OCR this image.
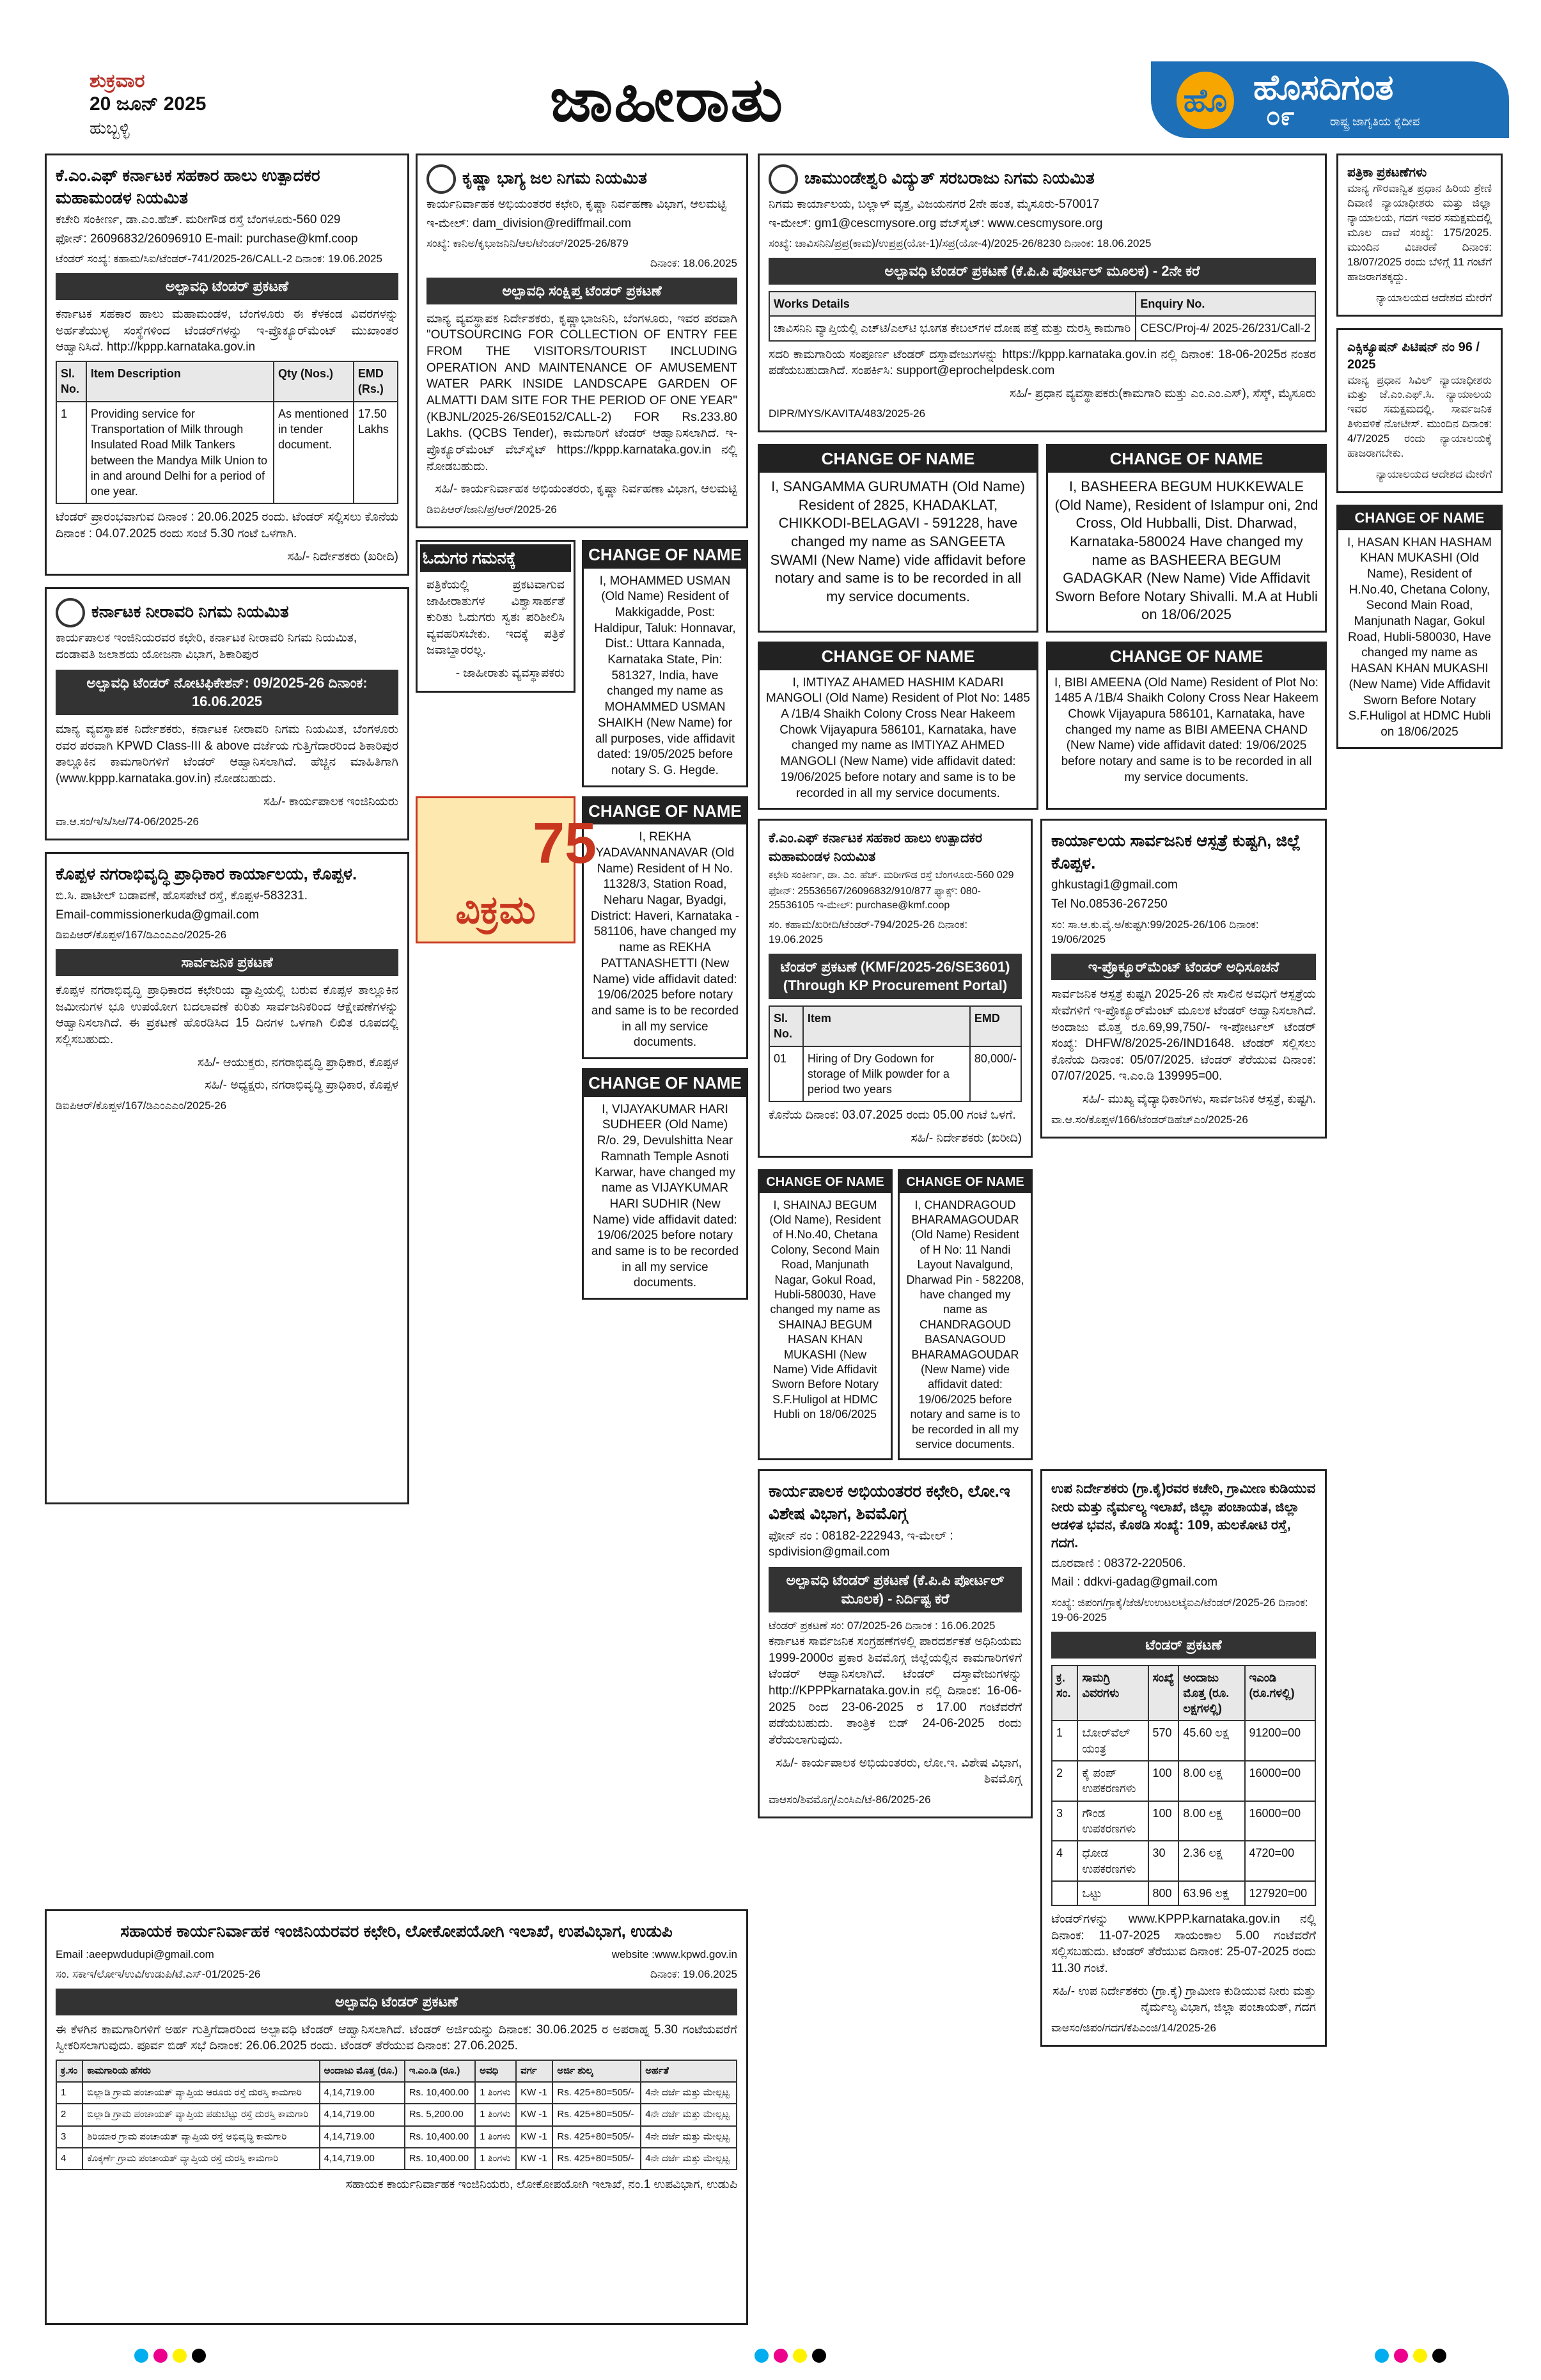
ಶುಕ್ರವಾರ
20 ಜೂನ್ 2025
ಹುಬ್ಬಳ್ಳಿ	ಜಾಹೀರಾತು	ಹೊ ಹೊಸದಿಗಂತ
೦೯	ರಾಷ್ಟ್ರ ಜಾಗೃತಿಯ ಕೈದೀಪ
ಕೆ.ಎಂ.ಎಫ್ ಕರ್ನಾಟಕ ಸಹಕಾರ ಹಾಲು ಉತ್ಪಾದಕರ ಮಹಾಮಂಡಳ ನಿಯಮಿತ
ಕಚೇರಿ ಸಂಕೀರ್ಣ, ಡಾ.ಎಂ.ಹೆಚ್. ಮರೀಗೌಡ ರಸ್ತೆ ಬೆಂಗಳೂರು-560 029
ಫೋನ್: 26096832/26096910 E-mail: purchase@kmf.coop
ಟೆಂಡರ್ ಸಂಖ್ಯೆ: ಕಹಾಮ/ಸಿಐ/ಟೆಂಡರ್-741/2025-26/CALL-2 ದಿನಾಂಕ: 19.06.2025
ಅಲ್ಪಾವಧಿ ಟೆಂಡರ್ ಪ್ರಕಟಣೆ
ಕರ್ನಾಟಕ ಸಹಕಾರ ಹಾಲು ಮಹಾಮಂಡಳ, ಬೆಂಗಳೂರು ಈ ಕೆಳಕಂಡ ವಿವರಗಳನ್ನು ಅರ್ಹತೆಯುಳ್ಳ ಸಂಸ್ಥೆಗಳಿಂದ ಟೆಂಡರ್‌ಗಳನ್ನು ಇ-ಪ್ರೊಕ್ಯೂರ್‌ಮೆಂಟ್ ಮುಖಾಂತರ ಆಹ್ವಾನಿಸಿದೆ. http://kppp.karnataka.gov.in
Sl. No.	Item Description	Qty (Nos.)	EMD (Rs.)
1	Providing service for Transportation of Milk through Insulated Road Milk Tankers between the Mandya Milk Union to in and around Delhi for a period of one year.	As mentioned in tender document.	17.50 Lakhs
ಟೆಂಡರ್ ಪ್ರಾರಂಭವಾಗುವ ದಿನಾಂಕ : 20.06.2025 ರಂದು. ಟೆಂಡರ್ ಸಲ್ಲಿಸಲು ಕೊನೆಯ ದಿನಾಂಕ : 04.07.2025 ರಂದು ಸಂಜೆ 5.30 ಗಂಟೆ ಒಳಗಾಗಿ.
ಸಹಿ/- ನಿರ್ದೇಶಕರು (ಖರೀದಿ)
ಕರ್ನಾಟಕ ನೀರಾವರಿ ನಿಗಮ ನಿಯಮಿತ
ಕಾರ್ಯಪಾಲಕ ಇಂಜಿನಿಯರವರ ಕಛೇರಿ, ಕರ್ನಾಟಕ ನೀರಾವರಿ ನಿಗಮ ನಿಯಮಿತ, ದಂಡಾವತಿ ಜಲಾಶಯ ಯೋಜನಾ ವಿಭಾಗ, ಶಿಕಾರಿಪುರ
ಅಲ್ಪಾವಧಿ ಟೆಂಡರ್ ನೋಟಿಫಿಕೇಶನ್: 09/2025-26 ದಿನಾಂಕ: 16.06.2025
ಮಾನ್ಯ ವ್ಯವಸ್ಥಾಪಕ ನಿರ್ದೇಶಕರು, ಕರ್ನಾಟಕ ನೀರಾವರಿ ನಿಗಮ ನಿಯಮಿತ, ಬೆಂಗಳೂರು ರವರ ಪರವಾಗಿ KPWD Class-III & above ದರ್ಜೆಯ ಗುತ್ತಿಗೆದಾರರಿಂದ ಶಿಕಾರಿಪುರ ತಾಲ್ಲೂಕಿನ ಕಾಮಗಾರಿಗಳಿಗೆ ಟೆಂಡರ್ ಆಹ್ವಾನಿಸಲಾಗಿದೆ. ಹೆಚ್ಚಿನ ಮಾಹಿತಿಗಾಗಿ (www.kppp.karnataka.gov.in) ನೋಡಬಹುದು.
ಸಹಿ/- ಕಾರ್ಯಪಾಲಕ ಇಂಜಿನಿಯರು
ವಾ.ಆ.ಸಂ/ಇ/ಸಿ/ಸಿಆ/74-06/2025-26
ಕೊಪ್ಪಳ ನಗರಾಭಿವೃದ್ಧಿ ಪ್ರಾಧಿಕಾರ ಕಾರ್ಯಾಲಯ, ಕೊಪ್ಪಳ.
ಬಿ.ಸಿ. ಪಾಟೀಲ್ ಬಡಾವಣೆ, ಹೊಸಪೇಟೆ ರಸ್ತೆ, ಕೊಪ್ಪಳ-583231.
Email-commissionerkuda@gmail.com
ಡಿಐಪಿಆರ್/ಕೊಪ್ಪಳ/167/ಡಿಎಂಎಎಂ/2025-26
ಸಾರ್ವಜನಿಕ ಪ್ರಕಟಣೆ
ಕೊಪ್ಪಳ ನಗರಾಭಿವೃದ್ಧಿ ಪ್ರಾಧಿಕಾರದ ಕಛೇರಿಯ ವ್ಯಾಪ್ತಿಯಲ್ಲಿ ಬರುವ ಕೊಪ್ಪಳ ತಾಲ್ಲೂಕಿನ ಜಮೀನುಗಳ ಭೂ ಉಪಯೋಗ ಬದಲಾವಣೆ ಕುರಿತು ಸಾರ್ವಜನಿಕರಿಂದ ಆಕ್ಷೇಪಣೆಗಳನ್ನು ಆಹ್ವಾನಿಸಲಾಗಿದೆ. ಈ ಪ್ರಕಟಣೆ ಹೊರಡಿಸಿದ 15 ದಿನಗಳ ಒಳಗಾಗಿ ಲಿಖಿತ ರೂಪದಲ್ಲಿ ಸಲ್ಲಿಸಬಹುದು.
ಸಹಿ/- ಆಯುಕ್ತರು, ನಗರಾಭಿವೃದ್ಧಿ ಪ್ರಾಧಿಕಾರ, ಕೊಪ್ಪಳ
ಸಹಿ/- ಅಧ್ಯಕ್ಷರು, ನಗರಾಭಿವೃದ್ಧಿ ಪ್ರಾಧಿಕಾರ, ಕೊಪ್ಪಳ
ಡಿಐಪಿಆರ್/ಕೊಪ್ಪಳ/167/ಡಿಎಂಎಎಂ/2025-26
ಕೃಷ್ಣಾ ಭಾಗ್ಯ ಜಲ ನಿಗಮ ನಿಯಮಿತ
ಕಾರ್ಯನಿರ್ವಾಹಕ ಅಭಿಯಂತರರ ಕಛೇರಿ, ಕೃಷ್ಣಾ ನಿರ್ವಹಣಾ ವಿಭಾಗ, ಆಲಮಟ್ಟಿ
ಇ-ಮೇಲ್: dam_division@rediffmail.com
ಸಂಖ್ಯೆ: ಕಾನಿಅ/ಕೃಭಾಜನಿನಿ/ಆಲ/ಟೆಂಡರ್/2025-26/879
ದಿನಾಂಕ: 18.06.2025
ಅಲ್ಪಾವಧಿ ಸಂಕ್ಷಿಪ್ತ ಟೆಂಡರ್ ಪ್ರಕಟಣೆ
ಮಾನ್ಯ ವ್ಯವಸ್ಥಾಪಕ ನಿರ್ದೇಶಕರು, ಕೃಷ್ಣಾಭಾಜನಿನಿ, ಬೆಂಗಳೂರು, ಇವರ ಪರವಾಗಿ "OUTSOURCING FOR COLLECTION OF ENTRY FEE FROM THE VISITORS/TOURIST INCLUDING OPERATION AND MAINTENANCE OF AMUSEMENT WATER PARK INSIDE LANDSCAPE GARDEN OF ALMATTI DAM SITE FOR THE PERIOD OF ONE YEAR" (KBJNL/2025-26/SE0152/CALL-2) FOR Rs.233.80 Lakhs. (QCBS Tender), ಕಾಮಗಾರಿಗೆ ಟೆಂಡರ್ ಆಹ್ವಾನಿಸಲಾಗಿದೆ. ಇ-ಪ್ರೊಕ್ಯೂರ್‌ಮೆಂಟ್ ವೆಬ್‌ಸೈಟ್ https://kppp.karnataka.gov.in ನಲ್ಲಿ ನೋಡಬಹುದು.
ಸಹಿ/- ಕಾರ್ಯನಿರ್ವಾಹಕ ಅಭಿಯಂತರರು, ಕೃಷ್ಣಾ ನಿರ್ವಹಣಾ ವಿಭಾಗ, ಆಲಮಟ್ಟಿ
ಡಿಐಪಿಆರ್/ಜಾನಿ/ಪ್ರ/ಆರ್/2025-26
ಓದುಗರ ಗಮನಕ್ಕೆ
ಪತ್ರಿಕೆಯಲ್ಲಿ ಪ್ರಕಟವಾಗುವ ಜಾಹೀರಾತುಗಳ ವಿಶ್ವಾಸಾರ್ಹತೆ ಕುರಿತು ಓದುಗರು ಸ್ವತಃ ಪರಿಶೀಲಿಸಿ ವ್ಯವಹರಿಸಬೇಕು. ಇದಕ್ಕೆ ಪತ್ರಿಕೆ ಜವಾಬ್ದಾರರಲ್ಲ.
- ಜಾಹೀರಾತು ವ್ಯವಸ್ಥಾಪಕರು
CHANGE OF NAME
I, MOHAMMED USMAN (Old Name) Resident of Makkigadde, Post: Haldipur, Taluk: Honnavar, Dist.: Uttara Kannada, Karnataka State, Pin: 581327, India, have changed my name as MOHAMMED USMAN SHAIKH (New Name) for all purposes, vide affidavit dated: 19/05/2025 before notary S. G. Hegde.
75
ವಿಕ್ರಮ
CHANGE OF NAME
I, REKHA YADAVANNANAVAR (Old Name) Resident of H No. 11328/3, Station Road, Neharu Nagar, Byadgi, District: Haveri, Karnataka - 581106, have changed my name as REKHA PATTANASHETTI (New Name) vide affidavit dated: 19/06/2025 before notary and same is to be recorded in all my service documents.
CHANGE OF NAME
I, VIJAYAKUMAR HARI SUDHEER (Old Name) R/o. 29, Devulshitta Near Ramnath Temple Asnoti Karwar, have changed my name as VIJAYKUMAR HARI SUDHIR (New Name) vide affidavit dated: 19/06/2025 before notary and same is to be recorded in all my service documents.
ಚಾಮುಂಡೇಶ್ವರಿ ವಿದ್ಯುತ್ ಸರಬರಾಜು ನಿಗಮ ನಿಯಮಿತ
ನಿಗಮ ಕಾರ್ಯಾಲಯ, ಬಲ್ಲಾಳ್‌ ವೃತ್ತ, ವಿಜಯನಗರ 2ನೇ ಹಂತ, ಮೈಸೂರು-570017
ಇ-ಮೇಲ್: gm1@cescmysore.org ವೆಬ್‌ಸೈಟ್: www.cescmysore.org
ಸಂಖ್ಯೆ: ಚಾವಿಸನಿನಿ/ಪ್ರಪ್ರ(ಕಾಮ)/ಉಪ್ರಪ್ರ(ಯೋ-1)/ಸಪ್ರ(ಯೋ-4)/2025-26/8230 ದಿನಾಂಕ: 18.06.2025
ಅಲ್ಪಾವಧಿ ಟೆಂಡರ್ ಪ್ರಕಟಣೆ (ಕೆ.ಪಿ.ಪಿ ಪೋರ್ಟಲ್ ಮೂಲಕ) - 2ನೇ ಕರೆ
Works Details	Enquiry No.
ಚಾವಿಸನಿನಿ ವ್ಯಾಪ್ತಿಯಲ್ಲಿ ಎಚ್‌ಟಿ/ಎಲ್‌ಟಿ ಭೂಗತ ಕೇಬಲ್‌ಗಳ ದೋಷ ಪತ್ತೆ ಮತ್ತು ದುರಸ್ತಿ ಕಾಮಗಾರಿ	CESC/Proj-4/ 2025-26/231/Call-2
ಸದರಿ ಕಾಮಗಾರಿಯ ಸಂಪೂರ್ಣ ಟೆಂಡರ್ ದಸ್ತಾವೇಜುಗಳನ್ನು https://kppp.karnataka.gov.in ನಲ್ಲಿ ದಿನಾಂಕ: 18-06-2025ರ ನಂತರ ಪಡೆಯಬಹುದಾಗಿದೆ. ಸಂಪರ್ಕಿಸಿ: support@eprochelpdesk.com
ಸಹಿ/- ಪ್ರಧಾನ ವ್ಯವಸ್ಥಾಪಕರು(ಕಾಮಗಾರಿ ಮತ್ತು ಎಂ.ಎಂ.ಎಸ್), ಸೆಸ್ಕ್, ಮೈಸೂರು
DIPR/MYS/KAVITA/483/2025-26
CHANGE OF NAME
I, SANGAMMA GURUMATH (Old Name) Resident of 2825, KHADAKLAT, CHIKKODI-BELAGAVI - 591228, have changed my name as SANGEETA SWAMI (New Name) vide affidavit before notary and same is to be recorded in all my service documents.
CHANGE OF NAME
I, BASHEERA BEGUM HUKKEWALE (Old Name), Resident of Islampur oni, 2nd Cross, Old Hubballi, Dist. Dharwad, Karnataka-580024 Have changed my name as BASHEERA BEGUM GADAGKAR (New Name) Vide Affidavit Sworn Before Notary Shivalli. M.A at Hubli on 18/06/2025
CHANGE OF NAME
I, IMTIYAZ AHAMED HASHIM KADARI MANGOLI (Old Name) Resident of Plot No: 1485 A /1B/4 Shaikh Colony Cross Near Hakeem Chowk Vijayapura 586101, Karnataka, have changed my name as IMTIYAZ AHMED MANGOLI (New Name) vide affidavit dated: 19/06/2025 before notary and same is to be recorded in all my service documents.
CHANGE OF NAME
I, BIBI AMEENA (Old Name) Resident of Plot No: 1485 A /1B/4 Shaikh Colony Cross Near Hakeem Chowk Vijayapura 586101, Karnataka, have changed my name as BIBI AMEENA CHAND (New Name) vide affidavit dated: 19/06/2025 before notary and same is to be recorded in all my service documents.
ಕೆ.ಎಂ.ಎಫ್ ಕರ್ನಾಟಕ ಸಹಕಾರ ಹಾಲು ಉತ್ಪಾದಕರ ಮಹಾಮಂಡಳ ನಿಯಮಿತ
ಕಛೇರಿ ಸಂಕೀರ್ಣ, ಡಾ. ಎಂ. ಹೆಚ್. ಮರೀಗೌಡ ರಸ್ತೆ ಬೆಂಗಳೂರು-560 029
ಫೋನ್: 25536567/26096832/910/877 ಫ್ಯಾಕ್ಸ್: 080-25536105 ಇ-ಮೇಲ್: purchase@kmf.coop
ಸಂ. ಕಹಾಮ/ಖರೀದಿ/ಟೆಂಡರ್-794/2025-26 ದಿನಾಂಕ: 19.06.2025
ಟೆಂಡರ್ ಪ್ರಕಟಣೆ (KMF/2025-26/SE3601) (Through KP Procurement Portal)
Sl. No.	Item	EMD
01	Hiring of Dry Godown for storage of Milk powder for a period two years	80,000/-
ಕೊನೆಯ ದಿನಾಂಕ: 03.07.2025 ರಂದು 05.00 ಗಂಟೆ ಒಳಗೆ.
ಸಹಿ/- ನಿರ್ದೇಶಕರು (ಖರೀದಿ)
CHANGE OF NAME
I, SHAINAJ BEGUM (Old Name), Resident of H.No.40, Chetana Colony, Second Main Road, Manjunath Nagar, Gokul Road, Hubli-580030, Have changed my name as SHAINAJ BEGUM HASAN KHAN MUKASHI (New Name) Vide Affidavit Sworn Before Notary S.F.Huligol at HDMC Hubli on 18/06/2025
CHANGE OF NAME
I, CHANDRAGOUD BHARAMAGOUDAR (Old Name) Resident of H No: 11 Nandi Layout Navalgund, Dharwad Pin - 582208, have changed my name as CHANDRAGOUD BASANAGOUD BHARAMAGOUDAR (New Name) vide affidavit dated: 19/06/2025 before notary and same is to be recorded in all my service documents.
ಕಾರ್ಯಾಲಯ ಸಾರ್ವಜನಿಕ ಆಸ್ಪತ್ರೆ ಕುಷ್ಟಗಿ, ಜಿಲ್ಲೆ ಕೊಪ್ಪಳ.
ghkustagi1@gmail.com
Tel No.08536-267250
ಸಂ: ಸಾ.ಆ.ಕು.ವೈ.ಅ/ಕುಷ್ಟಗಿ:99/2025-26/106 ದಿನಾಂಕ: 19/06/2025
ಇ-ಪ್ರೊಕ್ಯೂರ್‌ಮೆಂಟ್ ಟೆಂಡರ್ ಅಧಿಸೂಚನೆ
ಸಾರ್ವಜನಿಕ ಆಸ್ಪತ್ರೆ ಕುಷ್ಟಗಿ 2025-26 ನೇ ಸಾಲಿನ ಅವಧಿಗೆ ಆಸ್ಪತ್ರೆಯ ಸೇವೆಗಳಿಗೆ ಇ-ಪ್ರೊಕ್ಯೂರ್‌ಮೆಂಟ್ ಮೂಲಕ ಟೆಂಡರ್ ಆಹ್ವಾನಿಸಲಾಗಿದೆ. ಅಂದಾಜು ಮೊತ್ತ ರೂ.69,99,750/- ಇ-ಪೋರ್ಟಲ್ ಟೆಂಡರ್ ಸಂಖ್ಯೆ: DHFW/8/2025-26/IND1648. ಟೆಂಡರ್ ಸಲ್ಲಿಸಲು ಕೊನೆಯ ದಿನಾಂಕ: 05/07/2025. ಟೆಂಡರ್ ತೆರೆಯುವ ದಿನಾಂಕ: 07/07/2025. ಇ.ಎಂ.ಡಿ 139995=00.
ಸಹಿ/- ಮುಖ್ಯ ವೈದ್ಯಾಧಿಕಾರಿಗಳು, ಸಾರ್ವಜನಿಕ ಆಸ್ಪತ್ರೆ, ಕುಷ್ಟಗಿ.
ವಾ.ಆ.ಸಂ/ಕೊಪ್ಪಳ/166/ಟೆಂಡರ್‌ಡಿಹೆಚ್‌ಎಂ/2025-26
ಕಾರ್ಯಪಾಲಕ ಅಭಿಯಂತರರ ಕಛೇರಿ, ಲೋ.ಇ ವಿಶೇಷ ವಿಭಾಗ, ಶಿವಮೊಗ್ಗ
ಫೋನ್ ನಂ : 08182-222943, ಇ-ಮೇಲ್ : spdivision@gmail.com
ಅಲ್ಪಾವಧಿ ಟೆಂಡರ್ ಪ್ರಕಟಣೆ (ಕೆ.ಪಿ.ಪಿ ಪೋರ್ಟಲ್ ಮೂಲಕ) - ನಿರ್ದಿಷ್ಟ ಕರೆ
ಟೆಂಡರ್ ಪ್ರಕಟಣೆ ಸಂ: 07/2025-26 ದಿನಾಂಕ : 16.06.2025
ಕರ್ನಾಟಕ ಸಾರ್ವಜನಿಕ ಸಂಗ್ರಹಣೆಗಳಲ್ಲಿ ಪಾರದರ್ಶಕತೆ ಅಧಿನಿಯಮ 1999-2000ರ ಪ್ರಕಾರ ಶಿವಮೊಗ್ಗ ಜಿಲ್ಲೆಯಲ್ಲಿನ ಕಾಮಗಾರಿಗಳಿಗೆ ಟೆಂಡರ್ ಆಹ್ವಾನಿಸಲಾಗಿದೆ. ಟೆಂಡರ್ ದಸ್ತಾವೇಜುಗಳನ್ನು http://KPPPkarnataka.gov.in ನಲ್ಲಿ ದಿನಾಂಕ: 16-06-2025 ರಿಂದ 23-06-2025 ರ 17.00 ಗಂಟೆವರೆಗೆ ಪಡೆಯಬಹುದು. ತಾಂತ್ರಿಕ ಬಿಡ್ 24-06-2025 ರಂದು ತೆರೆಯಲಾಗುವುದು.
ಸಹಿ/- ಕಾರ್ಯಪಾಲಕ ಅಭಿಯಂತರರು, ಲೋ.ಇ. ವಿಶೇಷ ವಿಭಾಗ, ಶಿವಮೊಗ್ಗ
ವಾಆಸಂ/ಶಿವಮೊಗ್ಗ/ಎಂಸಿಎ/ಟೆ-86/2025-26
ಉಪ ನಿರ್ದೇಶಕರು (ಗ್ರಾ.ಕೈ)ರವರ ಕಚೇರಿ, ಗ್ರಾಮೀಣ ಕುಡಿಯುವ ನೀರು ಮತ್ತು ನೈರ್ಮಲ್ಯ ಇಲಾಖೆ, ಜಿಲ್ಲಾ ಪಂಚಾಯತ, ಜಿಲ್ಲಾ ಆಡಳಿತ ಭವನ, ಕೊಠಡಿ ಸಂಖ್ಯೆ: 109, ಹುಲಕೋಟಿ ರಸ್ತೆ, ಗದಗ.
ದೂರವಾಣಿ : 08372-220506.
Mail : ddkvi-gadag@gmail.com
ಸಂಖ್ಯೆ: ಜಿಪಂಗ/ಗ್ರಾಕೈ/ಜೆಜಿ/ಉಉಟಲಟೈಐಎ/ಟೆಂಡರ್/2025-26 ದಿನಾಂಕ: 19-06-2025
ಟೆಂಡರ್ ಪ್ರಕಟಣೆ
ಕ್ರ. ಸಂ.	ಸಾಮಗ್ರಿ ವಿವರಗಳು	ಸಂಖ್ಯೆ	ಅಂದಾಜು ಮೊತ್ತ (ರೂ. ಲಕ್ಷಗಳಲ್ಲಿ)	ಇಎಂಡಿ (ರೂ.ಗಳಲ್ಲಿ)
1	ಬೋರ್‌ವೆಲ್ ಯಂತ್ರ	570	45.60 ಲಕ್ಷ	91200=00
2	ಕೈ ಪಂಪ್‌ ಉಪಕರಣಗಳು	100	8.00 ಲಕ್ಷ	16000=00
3	ಗೌಂಡ ಉಪಕರಣಗಳು	100	8.00 ಲಕ್ಷ	16000=00
4	ಧೋಡ ಉಪಕರಣಗಳು	30	2.36 ಲಕ್ಷ	4720=00
	ಒಟ್ಟು	800	63.96 ಲಕ್ಷ	127920=00
ಟೆಂಡರ್‌ಗಳನ್ನು www.KPPP.karnataka.gov.in ನಲ್ಲಿ ದಿನಾಂಕ: 11-07-2025 ಸಾಯಂಕಾಲ 5.00 ಗಂಟೆವರೆಗೆ ಸಲ್ಲಿಸಬಹುದು. ಟೆಂಡರ್ ತೆರೆಯುವ ದಿನಾಂಕ: 25-07-2025 ರಂದು 11.30 ಗಂಟೆ.
ಸಹಿ/- ಉಪ ನಿರ್ದೇಶಕರು (ಗ್ರಾ.ಕೈ) ಗ್ರಾಮೀಣ ಕುಡಿಯುವ ನೀರು ಮತ್ತು ನೈರ್ಮಲ್ಯ ವಿಭಾಗ, ಜಿಲ್ಲಾ ಪಂಚಾಯತ್, ಗದಗ
ವಾಆಸಂ/ಜಿಪಂ/ಗದಗ/ಕೆಪಿಎಂಜಿ/14/2025-26
ಸಹಾಯಕ ಕಾರ್ಯನಿರ್ವಾಹಕ ಇಂಜಿನಿಯರವರ ಕಛೇರಿ, ಲೋಕೋಪಯೋಗಿ ಇಲಾಖೆ, ಉಪವಿಭಾಗ, ಉಡುಪಿ
Email :aeepwdudupi@gmail.com	website :www.kpwd.gov.in
ಸಂ. ಸಕಾಇ/ಲೋಇ/ಉವಿ/ಉಡುಪಿ/ಟೆ.ಎಸ್-01/2025-26	ದಿನಾಂಕ: 19.06.2025
ಅಲ್ಪಾವಧಿ ಟೆಂಡರ್ ಪ್ರಕಟಣೆ
ಈ ಕೆಳಗಿನ ಕಾಮಗಾರಿಗಳಿಗೆ ಅರ್ಹ ಗುತ್ತಿಗೆದಾರರಿಂದ ಅಲ್ಪಾವಧಿ ಟೆಂಡರ್ ಆಹ್ವಾನಿಸಲಾಗಿದೆ. ಟೆಂಡರ್ ಅರ್ಜಿಯನ್ನು ದಿನಾಂಕ: 30.06.2025 ರ ಅಪರಾಹ್ನ 5.30 ಗಂಟೆಯವರೆಗೆ ಸ್ವೀಕರಿಸಲಾಗುವುದು. ಪೂರ್ವ ಬಿಡ್ ಸಭೆ ದಿನಾಂಕ: 26.06.2025 ರಂದು. ಟೆಂಡರ್ ತೆರೆಯುವ ದಿನಾಂಕ: 27.06.2025.
ಕ್ರ.ಸಂ	ಕಾಮಗಾರಿಯ ಹೆಸರು	ಅಂದಾಜು ಮೊತ್ತ (ರೂ.)	ಇ.ಎಂ.ಡಿ (ರೂ.)	ಅವಧಿ	ವರ್ಗ	ಅರ್ಜಿ ಶುಲ್ಕ	ಅರ್ಹತೆ
1	ಬಿಲ್ಲಾಡಿ ಗ್ರಾಮ ಪಂಚಾಯತ್ ವ್ಯಾಪ್ತಿಯ ಆರೂರು ರಸ್ತೆ ದುರಸ್ತಿ ಕಾಮಗಾರಿ	4,14,719.00	Rs. 10,400.00	1 ತಿಂಗಳು	KW -1	Rs. 425+80=505/-	4ನೇ ದರ್ಜೆ ಮತ್ತು ಮೇಲ್ಪಟ್ಟ
2	ಬಿಲ್ಲಾಡಿ ಗ್ರಾಮ ಪಂಚಾಯತ್ ವ್ಯಾಪ್ತಿಯ ಪಡುಬೆಟ್ಟು ರಸ್ತೆ ದುರಸ್ತಿ ಕಾಮಗಾರಿ	4,14,719.00	Rs. 5,200.00	1 ತಿಂಗಳು	KW -1	Rs. 425+80=505/-	4ನೇ ದರ್ಜೆ ಮತ್ತು ಮೇಲ್ಪಟ್ಟ
3	ಶಿರಿಯಾರ ಗ್ರಾಮ ಪಂಚಾಯತ್ ವ್ಯಾಪ್ತಿಯ ರಸ್ತೆ ಅಭಿವೃದ್ಧಿ ಕಾಮಗಾರಿ	4,14,719.00	Rs. 10,400.00	1 ತಿಂಗಳು	KW -1	Rs. 425+80=505/-	4ನೇ ದರ್ಜೆ ಮತ್ತು ಮೇಲ್ಪಟ್ಟ
4	ಕೊಕ್ಕರ್ಣೆ ಗ್ರಾಮ ಪಂಚಾಯತ್ ವ್ಯಾಪ್ತಿಯ ರಸ್ತೆ ದುರಸ್ತಿ ಕಾಮಗಾರಿ	4,14,719.00	Rs. 10,400.00	1 ತಿಂಗಳು	KW -1	Rs. 425+80=505/-	4ನೇ ದರ್ಜೆ ಮತ್ತು ಮೇಲ್ಪಟ್ಟ
ಸಹಾಯಕ ಕಾರ್ಯನಿರ್ವಾಹಕ ಇಂಜಿನಿಯರು, ಲೋಕೋಪಯೋಗಿ ಇಲಾಖೆ, ನಂ.1 ಉಪವಿಭಾಗ, ಉಡುಪಿ
ಪತ್ರಿಕಾ ಪ್ರಕಟಣೆಗಳು
ಮಾನ್ಯ ಗೌರವಾನ್ವಿತ ಪ್ರಧಾನ ಹಿರಿಯ ಶ್ರೇಣಿ ದಿವಾಣಿ ನ್ಯಾಯಾಧೀಶರು ಮತ್ತು ಜಿಲ್ಲಾ ನ್ಯಾಯಾಲಯ, ಗದಗ ಇವರ ಸಮಕ್ಷಮದಲ್ಲಿ ಮೂಲ ದಾವೆ ಸಂಖ್ಯೆ: 175/2025. ಮುಂದಿನ ವಿಚಾರಣೆ ದಿನಾಂಕ: 18/07/2025 ರಂದು ಬೆಳಿಗ್ಗೆ 11 ಗಂಟೆಗೆ ಹಾಜರಾಗತಕ್ಕದ್ದು.
ನ್ಯಾಯಾಲಯದ ಆದೇಶದ ಮೇರೆಗೆ
ಎಕ್ಸಿಕ್ಯೂಷನ್ ಪಿಟಿಷನ್ ನಂ 96 / 2025
ಮಾನ್ಯ ಪ್ರಧಾನ ಸಿವಿಲ್ ನ್ಯಾಯಾಧೀಶರು ಮತ್ತು ಜೆ.ಎಂ.ಎಫ್.ಸಿ. ನ್ಯಾಯಾಲಯ ಇವರ ಸಮಕ್ಷಮದಲ್ಲಿ. ಸಾರ್ವಜನಿಕ ತಿಳುವಳಿಕೆ ನೋಟೀಸ್. ಮುಂದಿನ ದಿನಾಂಕ: 4/7/2025 ರಂದು ನ್ಯಾಯಾಲಯಕ್ಕೆ ಹಾಜರಾಗಬೇಕು.
ನ್ಯಾಯಾಲಯದ ಆದೇಶದ ಮೇರೆಗೆ
CHANGE OF NAME
I, HASAN KHAN HASHAM KHAN MUKASHI (Old Name), Resident of H.No.40, Chetana Colony, Second Main Road, Manjunath Nagar, Gokul Road, Hubli-580030, Have changed my name as HASAN KHAN MUKASHI (New Name) Vide Affidavit Sworn Before Notary S.F.Huligol at HDMC Hubli on 18/06/2025
